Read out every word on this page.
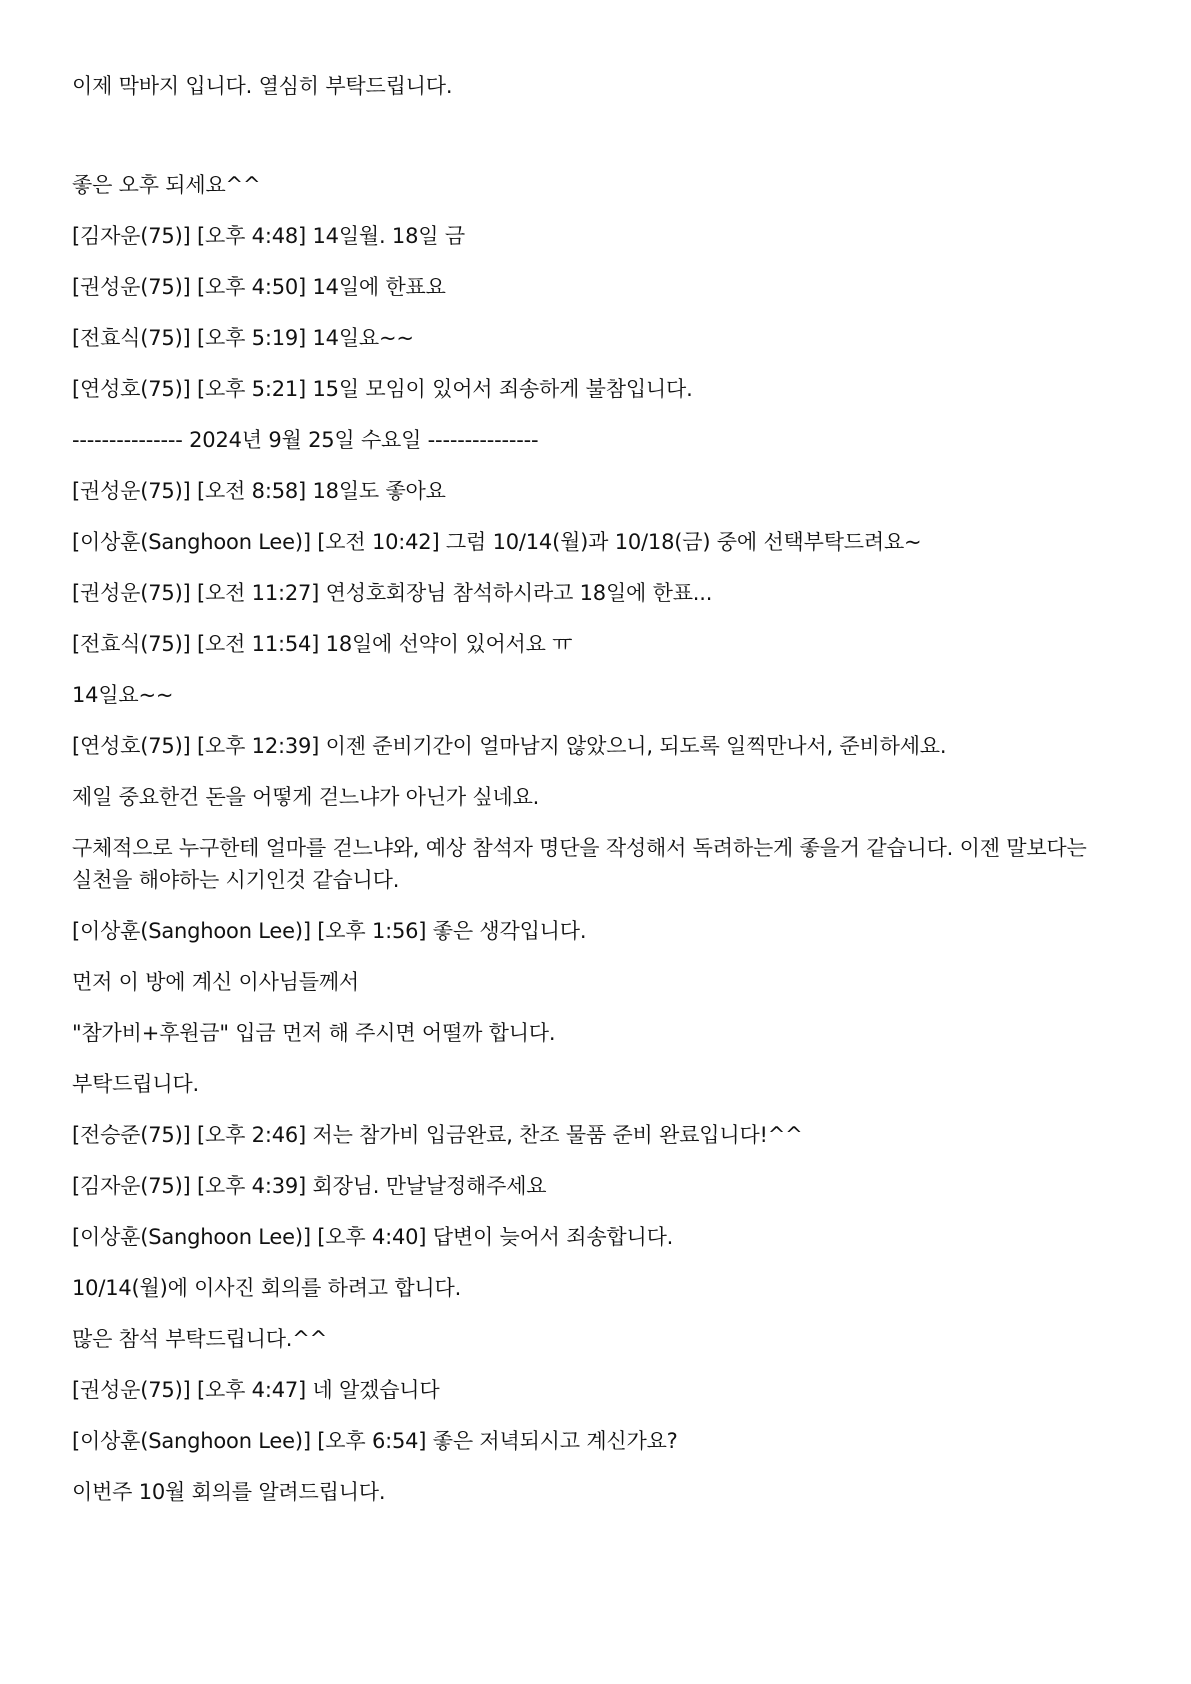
이제 막바지 입니다. 열심히 부탁드립니다.
좋은 오후 되세요^^
[김자운(75)] [오후 4:48] 14일월. 18일 금
[권성운(75)] [오후 4:50] 14일에 한표요
[전효식(75)] [오후 5:19] 14일요~~
[연성호(75)] [오후 5:21] 15일 모임이 있어서 죄송하게 불참입니다.
--------------- 2024년 9월 25일 수요일 ---------------
[권성운(75)] [오전 8:58] 18일도 좋아요
[이상훈(Sanghoon Lee)] [오전 10:42] 그럼 10/14(월)과 10/18(금) 중에 선택부탁드려요~
[권성운(75)] [오전 11:27] 연성호회장님 참석하시라고 18일에 한표...
[전효식(75)] [오전 11:54] 18일에 선약이 있어서요 ㅠ
14일요~~
[연성호(75)] [오후 12:39] 이젠 준비기간이 얼마남지 않았으니, 되도록 일찍만나서, 준비하세요.
제일 중요한건 돈을 어떻게 걷느냐가 아닌가 싶네요.
구체적으로 누구한테 얼마를 걷느냐와, 예상 참석자 명단을 작성해서 독려하는게 좋을거 같습니다. 이젠 말보다는 실천을 해야하는 시기인것 같습니다.
[이상훈(Sanghoon Lee)] [오후 1:56] 좋은 생각입니다.
먼저 이 방에 계신 이사님들께서
"참가비+후원금" 입금 먼저 해 주시면 어떨까 합니다.
부탁드립니다.
[전승준(75)] [오후 2:46] 저는 참가비 입금완료, 찬조 물품 준비 완료입니다!^^
[김자운(75)] [오후 4:39] 회장님. 만날날정해주세요
[이상훈(Sanghoon Lee)] [오후 4:40] 답변이 늦어서 죄송합니다.
10/14(월)에 이사진 회의를 하려고 합니다.
많은 참석 부탁드립니다.^^
[권성운(75)] [오후 4:47] 네 알겠습니다
[이상훈(Sanghoon Lee)] [오후 6:54] 좋은 저녁되시고 계신가요?
이번주 10월 회의를 알려드립니다.
